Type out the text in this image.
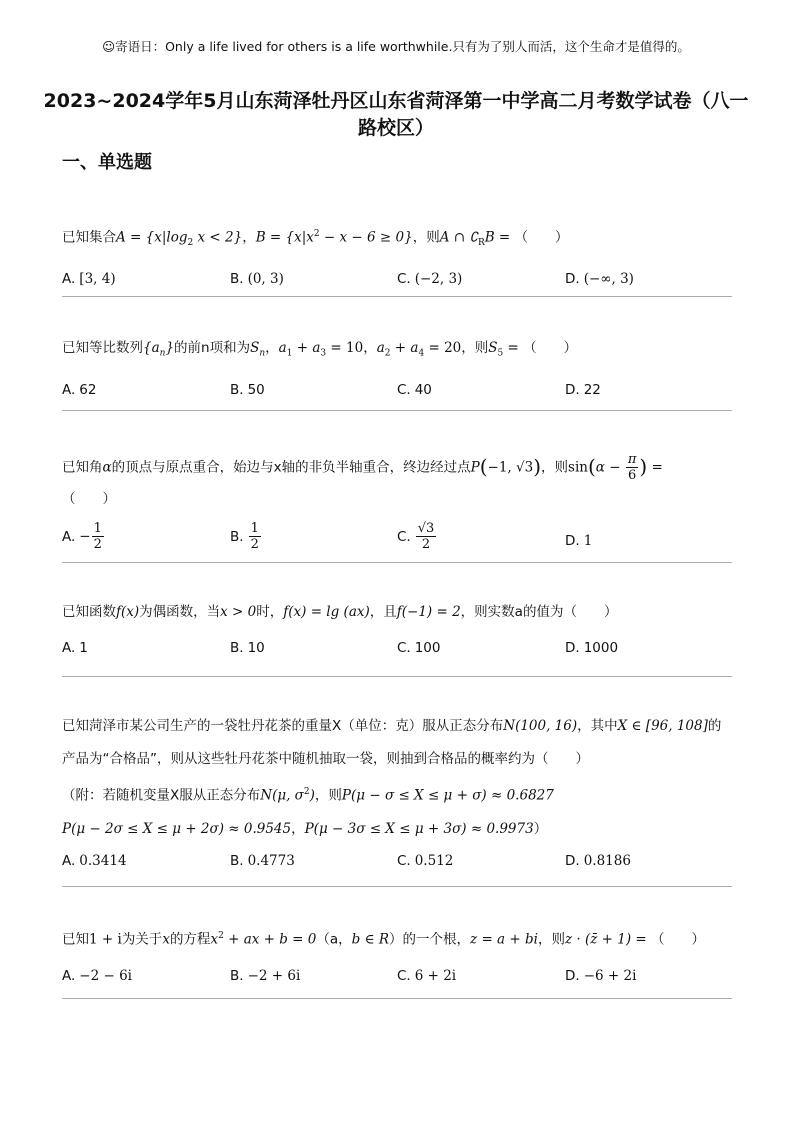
☺寄语日：Only a life lived for others is a life worthwhile.只有为了别人而活，这个生命才是值得的。
2023~2024学年5月山东菏泽牡丹区山东省菏泽第一中学高二月考数学试卷（八一路校区）
一、单选题
已知集合$A = \{x|\log_2$ x < 2}，$B = \{x|x^2 - x - 6 \ge 0\}$，则A ∩ $∁_RB$ = （　　）
A. [3, 4)	B. (0, 3)	C. (−2, 3)	D. (−∞, 3)
已知等比数列$\{a_n\}$的前n项和为$S_n$，$a_1 + a_3 = 10$，$a_2 + a_4 = 20$，则$S_5$ = （　　）
A. 62	B. 50	C. 40	D. 22
已知角α的顶点与原点重合，始边与x轴的非负半轴重合，终边经过点P(−1, √3)，则$\sin(\alpha - \frac{\pi}{6}$ ) =
（　　）
A. − $\frac{1}{2}$	B. $\frac{1}{2}$	C. $\frac{√3}{2}$	D. 1
已知函数f(x)为偶函数，当x > 0时，f(x) = lg (ax)，且f(−1) = 2，则实数a的值为（　　）
A. 1	B. 10	C. 100	D. 1000
已知菏泽市某公司生产的一袋牡丹花茶的重量X（单位：克）服从正态分布N(100, 16)，其中X ∈ [96, 108]的
产品为“合格品”，则从这些牡丹花茶中随机抽取一袋，则抽到合格品的概率约为（　　）
（附：若随机变量X服从正态分布N(μ, $\sigma^2$)，则P(μ − σ ≤ X ≤ μ + σ) ≈ 0.6827
P(μ − 2σ ≤ X ≤ μ + 2σ) ≈ 0.9545，P(μ − 3σ ≤ X ≤ μ + 3σ) ≈ 0.9973）
A. 0.3414	B. 0.4773	C. 0.512	D. 0.8186
已知1 + i为关于x的方程$x^2$ + ax + b = 0（a，b ∈ R）的一个根，z = a + bi，则z · (z̄ + 1) = （　　）
A. −2 − 6i	B. −2 + 6i	C. 6 + 2i	D. −6 + 2i
